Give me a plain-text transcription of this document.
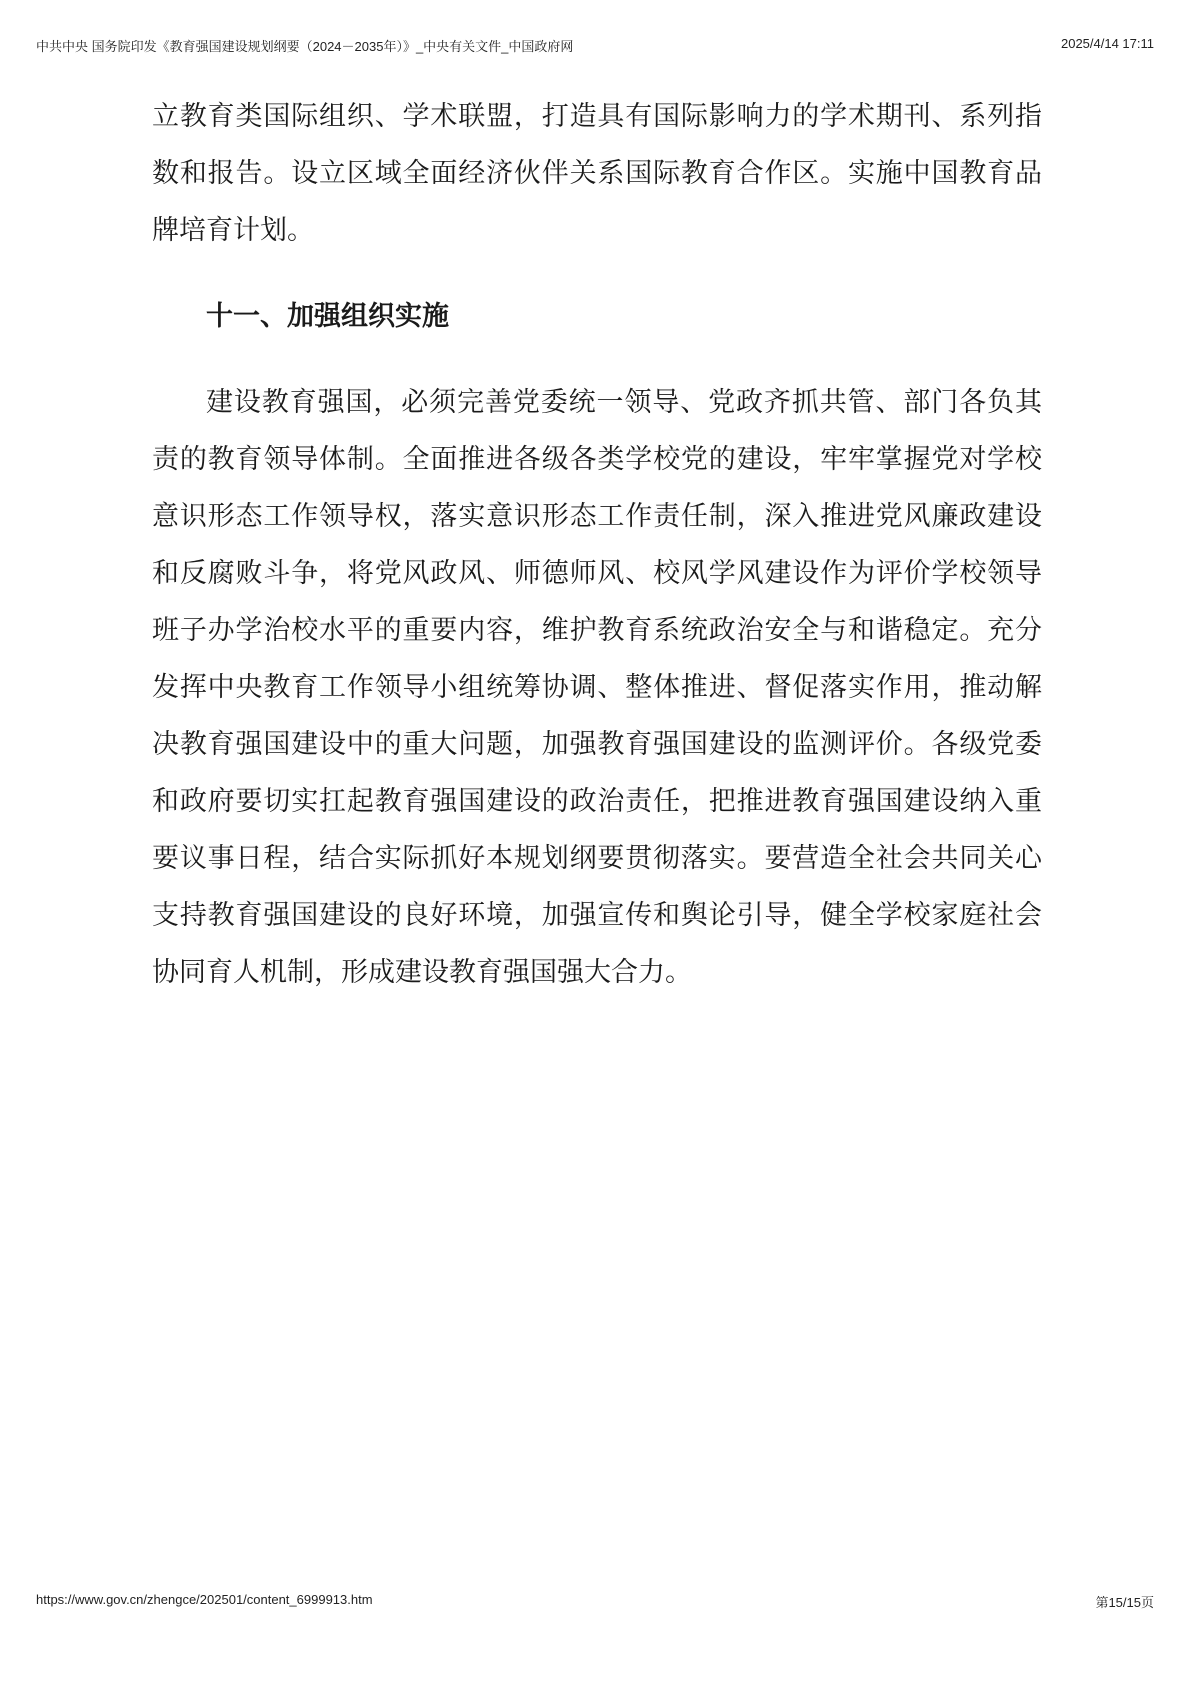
中共中央 国务院印发《教育强国建设规划纲要（2024－2035年）》_中央有关文件_中国政府网	2025/4/14 17:11

立教育类国际组织、学术联盟，打造具有国际影响力的学术期刊、系列指数和报告。设立区域全面经济伙伴关系国际教育合作区。实施中国教育品牌培育计划。

十一、加强组织实施

建设教育强国，必须完善党委统一领导、党政齐抓共管、部门各负其责的教育领导体制。全面推进各级各类学校党的建设，牢牢掌握党对学校意识形态工作领导权，落实意识形态工作责任制，深入推进党风廉政建设和反腐败斗争，将党风政风、师德师风、校风学风建设作为评价学校领导班子办学治校水平的重要内容，维护教育系统政治安全与和谐稳定。充分发挥中央教育工作领导小组统筹协调、整体推进、督促落实作用，推动解决教育强国建设中的重大问题，加强教育强国建设的监测评价。各级党委和政府要切实扛起教育强国建设的政治责任，把推进教育强国建设纳入重要议事日程，结合实际抓好本规划纲要贯彻落实。要营造全社会共同关心支持教育强国建设的良好环境，加强宣传和舆论引导，健全学校家庭社会协同育人机制，形成建设教育强国强大合力。

https://www.gov.cn/zhengce/202501/content_6999913.htm	第15/15页
